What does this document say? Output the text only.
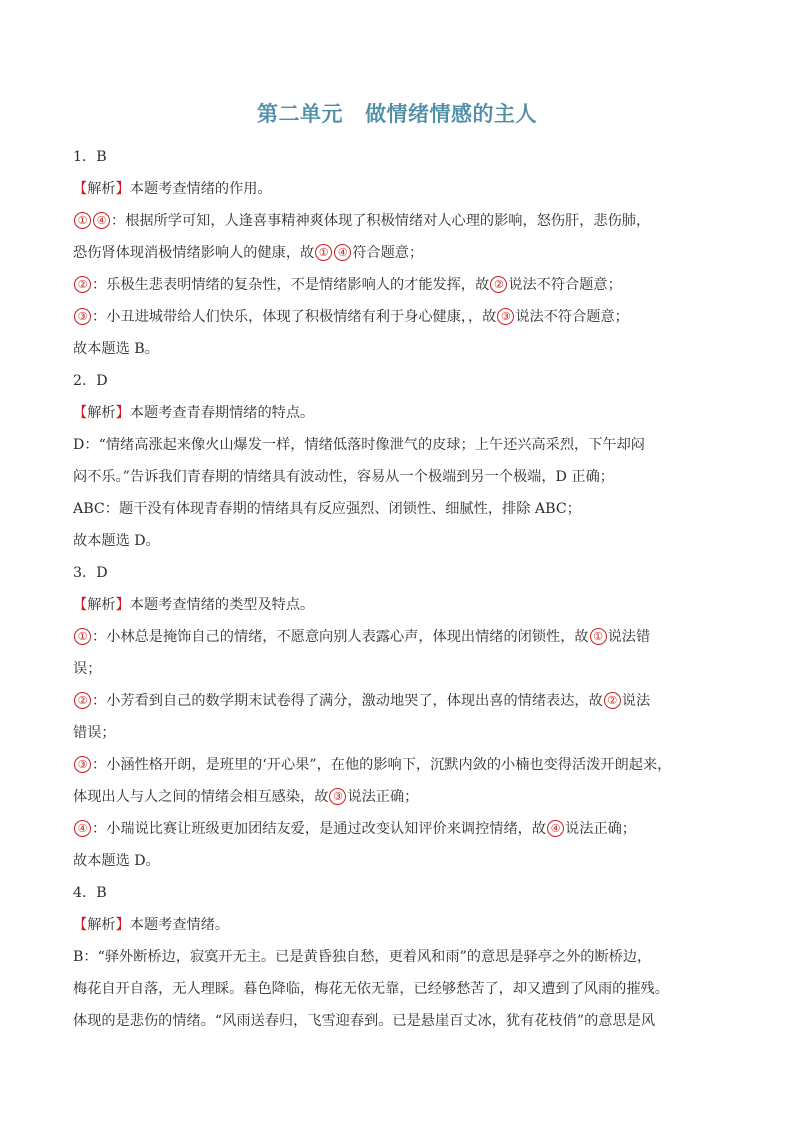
第二单元 做情绪情感的主人
1．B
【解析】本题考查情绪的作用。
① ④ ：根据所学可知，人逢喜事精神爽体现了积极情绪对人心理的影响，怒伤肝，悲伤肺，
恐伤肾体现消极情绪影响人的健康，故 ① ④ 符合题意；
② ：乐极生悲表明情绪的复杂性，不是情绪影响人的才能发挥，故 ② 说法不符合题意；
③ ：小丑进城带给人们快乐，体现了积极情绪有利于身心健康，，故 ③ 说法不符合题意；
故本题选 B。
2．D
【解析】本题考查青春期情绪的特点。
D：“情绪高涨起来像火山爆发一样，情绪低落时像泄气的皮球；上午还兴高采烈，下午却闷
闷不乐。”告诉我们青春期的情绪具有波动性，容易从一个极端到另一个极端，D 正确；
ABC：题干没有体现青春期的情绪具有反应强烈、闭锁性、细腻性，排除 ABC；
故本题选 D。
3．D
【解析】本题考查情绪的类型及特点。
① ：小林总是掩饰自己的情绪，不愿意向别人表露心声，体现出情绪的闭锁性，故 ① 说法错
误；
② ：小芳看到自己的数学期末试卷得了满分，激动地哭了，体现出喜的情绪表达，故 ② 说法
错误；
③ ：小涵性格开朗，是班里的‘开心果”，在他的影响下，沉默内敛的小楠也变得活泼开朗起来，
体现出人与人之间的情绪会相互感染，故 ③ 说法正确；
④ ：小瑞说比赛让班级更加团结友爱，是通过改变认知评价来调控情绪，故 ④ 说法正确；
故本题选 D。
4．B
【解析】本题考查情绪。
B：“驿外断桥边，寂寞开无主。已是黄昏独自愁，更着风和雨”的意思是驿亭之外的断桥边，
梅花自开自落，无人理睬。暮色降临，梅花无依无靠，已经够愁苦了，却又遭到了风雨的摧残。
体现的是悲伤的情绪。“风雨送春归，飞雪迎春到。已是悬崖百丈冰，犹有花枝俏”的意思是风
